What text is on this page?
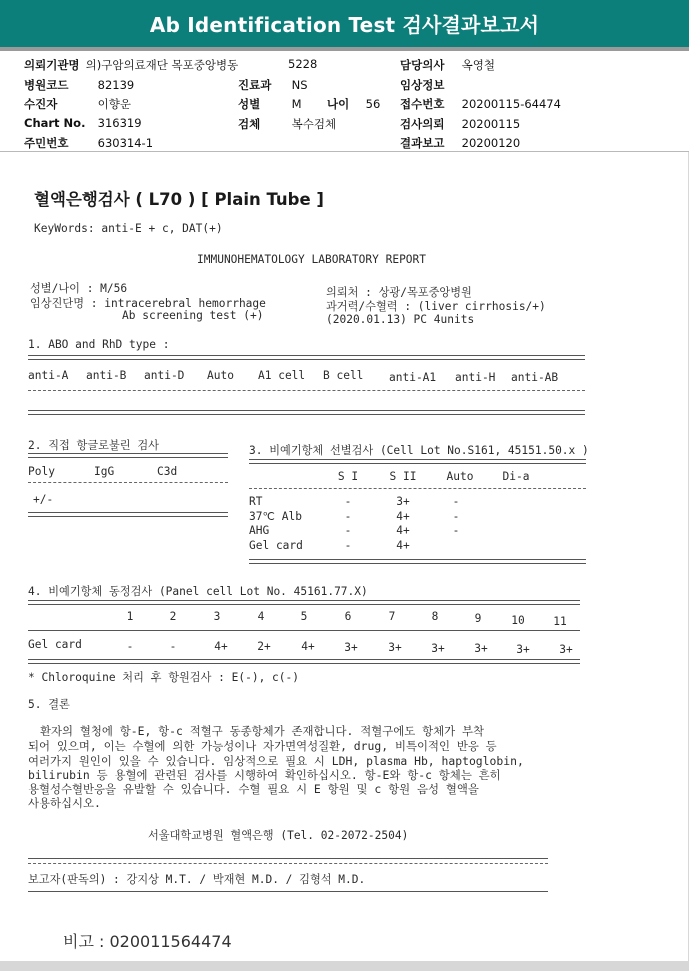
Ab Identification Test 검사결과보고서
의뢰기관명 의)구암의료재단 목포중앙병동	5228	담당의사 옥영철
병원코드	82139	진료과 NS	임상정보
수진자	이향운	성별	M 나이 56 접수번호 20200115-64474
Chart No. 316319	검체	복수검체	검사의뢰 20200115
주민번호	630314-1	결과보고 20200120
혈액은행검사 ( L70 ) [ Plain Tube ]
KeyWords: anti-E + c, DAT(+)
IMMUNOHEMATOLOGY LABORATORY REPORT
성별/나이 : M/56
임상진단명 : intracerebral hemorrhage
Ab screening test (+)
의뢰처 : 상광/목포중앙병원
과거력/수혈력 : (liver cirrhosis/+)
(2020.01.13) PC 4units
1. ABO and RhD type :
anti-A anti-B anti-D Auto A1 cell B cell anti-A1 anti-H anti-AB
2. 직접 항글로불린 검사
Poly	IgG	C3d
+/-
3. 비예기항체 선별검사 (Cell Lot No.S161, 45151.50.x )
S I	S II	Auto	Di-a
RT	-	3+	-
37℃ Alb	-	4+	-
AHG	-	4+	-
Gel card	-	4+
4. 비예기항체 동정검사 (Panel cell Lot No. 45161.77.X)
1	2	3	4	5	6	7	8	9	10	11
Gel card	-	-	4+	2+	4+	3+	3+	3+	3+	3+	3+
* Chloroquine 처리 후 항원검사 : E(-), c(-)
5. 결론
환자의 혈청에 항-E, 항-c 적혈구 동종항체가 존재합니다. 적혈구에도 항체가 부착
되어 있으며, 이는 수혈에 의한 가능성이나 자가면역성질환, drug, 비특이적인 반응 등
여러가지 원인이 있을 수 있습니다. 임상적으로 필요 시 LDH, plasma Hb, haptoglobin,
bilirubin 등 용혈에 관련된 검사를 시행하여 확인하십시오. 항-E와 항-c 항체는 흔히
용혈성수혈반응을 유발할 수 있습니다. 수혈 필요 시 E 항원 및 c 항원 음성 혈액을
사용하십시오.
서울대학교병원 혈액은행 (Tel. 02-2072-2504)
보고자(판독의) : 강지상 M.T. / 박재현 M.D. / 김형석 M.D.
비고 : 020011564474
